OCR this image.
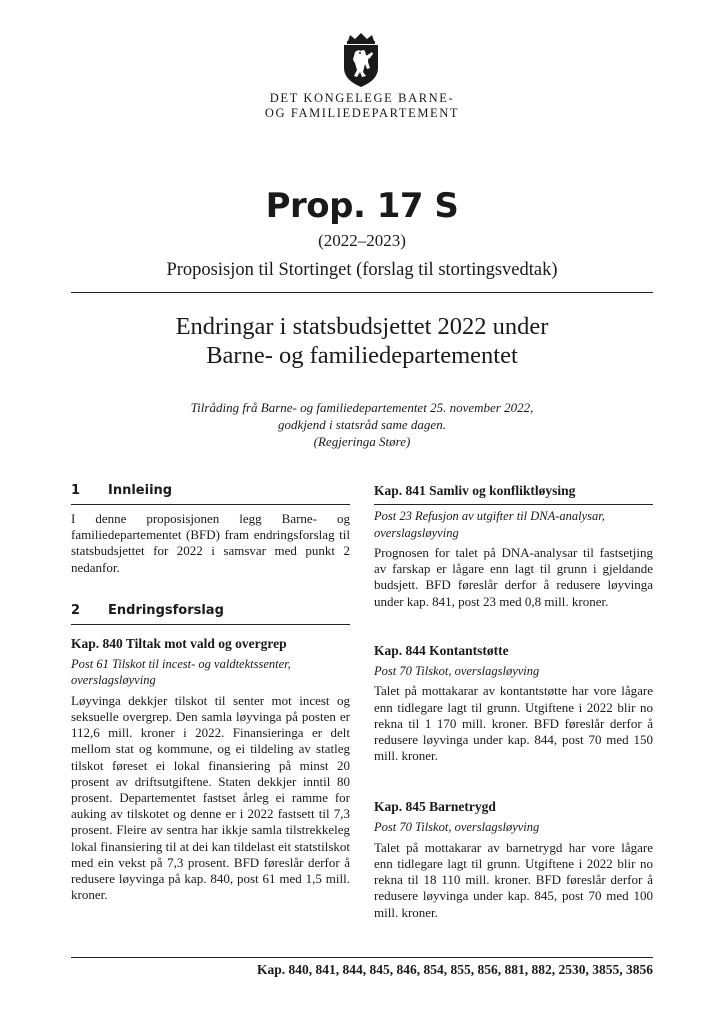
DET KONGELEGE BARNE-
OG FAMILIEDEPARTEMENT
Prop. 17 S
(2022–2023)
Proposisjon til Stortinget (forslag til stortingsvedtak)
Endringar i statsbudsjettet 2022 under
Barne- og familiedepartementet
Tilråding frå Barne- og familiedepartementet 25. november 2022,
godkjend i statsråd same dagen.
(Regjeringa Støre)
1	Innleiing

I denne proposisjonen legg Barne- og familiedepartementet (BFD) fram endringsforslag til statsbudsjettet for 2022 i samsvar med punkt 2 nedanfor.

2	Endringsforslag
Kap. 840 Tiltak mot vald og overgrep
Post 61 Tilskot til incest- og valdtektssenter, overslagsløyving

Løyvinga dekkjer tilskot til senter mot incest og seksuelle overgrep. Den samla løyvinga på posten er 112,6 mill. kroner i 2022. Finansieringa er delt mellom stat og kommune, og ei tildeling av statleg tilskot føreset ei lokal finansiering på minst 20 prosent av driftsutgiftene. Staten dekkjer inntil 80 prosent. Departementet fastset årleg ei ramme for auking av tilskotet og denne er i 2022 fastsett til 7,3 prosent. Fleire av sentra har ikkje samla tilstrekkeleg lokal finansiering til at dei kan tildelast eit statstilskot med ein vekst på 7,3 prosent. BFD føreslår derfor å redusere løyvinga på kap. 840, post 61 med 1,5 mill. kroner.

Kap. 841 Samliv og konfliktløysing
Post 23 Refusjon av utgifter til DNA-analysar, overslagsløyving

Prognosen for talet på DNA-analysar til fastsetjing av farskap er lågare enn lagt til grunn i gjeldande budsjett. BFD føreslår derfor å redusere løyvinga under kap. 841, post 23 med 0,8 mill. kroner.

Kap. 844 Kontantstøtte
Post 70 Tilskot, overslagsløyving

Talet på mottakarar av kontantstøtte har vore lågare enn tidlegare lagt til grunn. Utgiftene i 2022 blir no rekna til 1 170 mill. kroner. BFD føreslår derfor å redusere løyvinga under kap. 844, post 70 med 150 mill. kroner.

Kap. 845 Barnetrygd
Post 70 Tilskot, overslagsløyving

Talet på mottakarar av barnetrygd har vore lågare enn tidlegare lagt til grunn. Utgiftene i 2022 blir no rekna til 18 110 mill. kroner. BFD føreslår derfor å redusere løyvinga under kap. 845, post 70 med 100 mill. kroner.

Kap. 840, 841, 844, 845, 846, 854, 855, 856, 881, 882, 2530, 3855, 3856
